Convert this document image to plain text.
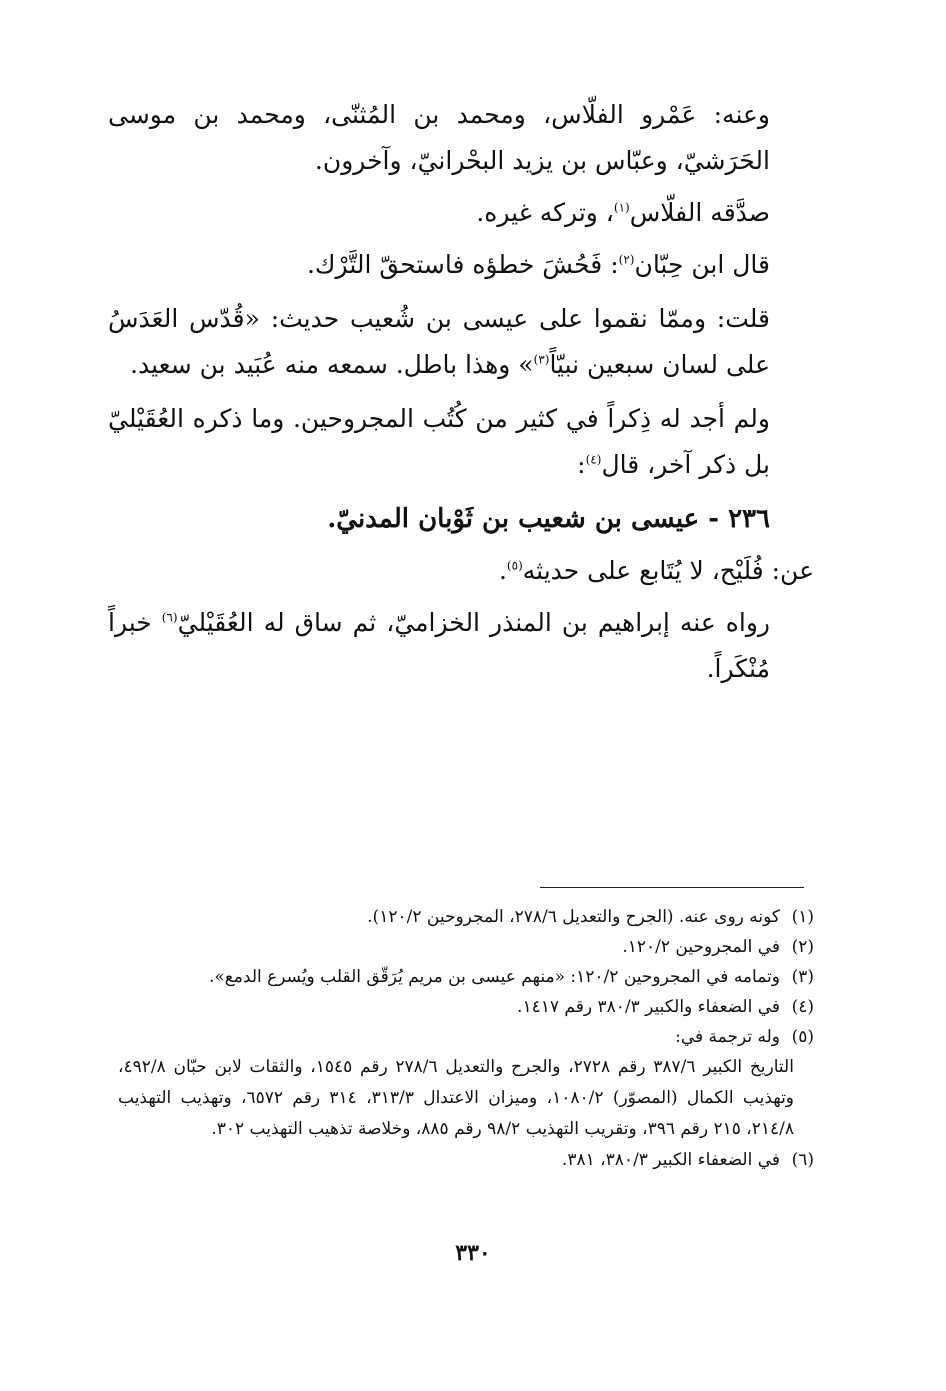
وعنه: عَمْرو الفلّاس، ومحمد بن المُثنّى، ومحمد بن موسى الحَرَشيّ، وعبّاس بن يزيد البحْرانيّ، وآخرون.

صدَّقه الفلّاس$^{(١)}$، وتركه غيره.

قال ابن حِبّان$^{(٢)}$: فَحُشَ خطؤه فاستحقّ التَّرْك.

قلت: وممّا نقموا على عيسى بن شُعيب حديث: «قُدّس العَدَسُ على لسان سبعين نبيّاً$^{(٣)}$» وهذا باطل. سمعه منه عُبَيد بن سعيد.

ولم أجد له ذِكراً في كثير من كُتُب المجروحين. وما ذكره العُقَيْليّ بل ذكر آخر، قال$^{(٤)}$:

٢٣٦ - عيسى بن شعيب بن ثَوْبان المدنيّ.

عن: فُلَيْح، لا يُتَابع على حديثه$^{(٥)}$.

رواه عنه إبراهيم بن المنذر الخزاميّ، ثم ساق له العُقَيْليّ$^{(٦)}$ خبراً مُنْكَراً.

(١)كونه روى عنه. (الجرح والتعديل ٢٧٨/٦، المجروحين ١٢٠/٢).

(٢)في المجروحين ١٢٠/٢.

(٣)وتمامه في المجروحين ١٢٠/٢: «منهم عيسى بن مريم يُرَقّق القلب ويُسرع الدمع».

(٤)في الضعفاء والكبير ٣٨٠/٣ رقم ١٤١٧.

(٥)وله ترجمة في:

التاريخ الكبير ٣٨٧/٦ رقم ٢٧٢٨، والجرح والتعديل ٢٧٨/٦ رقم ١٥٤٥، والثقات لابن حبّان ٤٩٢/٨، وتهذيب الكمال (المصوّر) ١٠٨٠/٢، وميزان الاعتدال ٣١٣/٣، ٣١٤ رقم ٦٥٧٢، وتهذيب التهذيب ٢١٤/٨، ٢١٥ رقم ٣٩٦، وتقريب التهذيب ٩٨/٢ رقم ٨٨٥، وخلاصة تذهيب التهذيب ٣٠٢.

(٦)في الضعفاء الكبير ٣٨٠/٣، ٣٨١.

٣٣٠
